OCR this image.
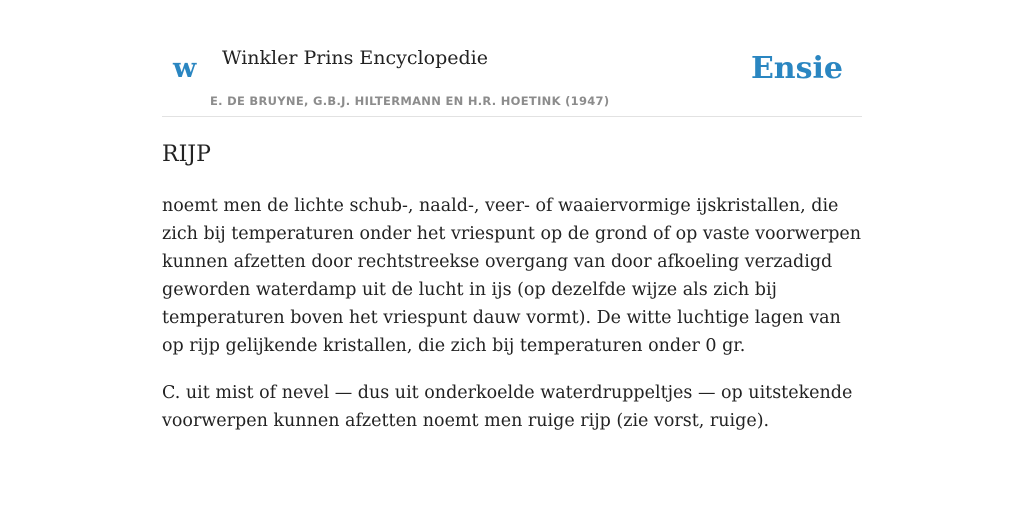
w Winkler Prins Encyclopedie
E. DE BRUYNE, G.B.J. HILTERMANN EN H.R. HOETINK (1947)
Ensie
RIJP

noemt men de lichte schub-, naald-, veer- of waaiervormige ijskristallen, die zich bij temperaturen onder het vriespunt op de grond of op vaste voorwerpen kunnen afzetten door rechtstreekse overgang van door afkoeling verzadigd geworden waterdamp uit de lucht in ijs (op dezelfde wijze als zich bij temperaturen boven het vriespunt dauw vormt). De witte luchtige lagen van op rijp gelijkende kristallen, die zich bij temperaturen onder 0 gr.

C. uit mist of nevel — dus uit onderkoelde waterdruppeltjes — op uitstekende voorwerpen kunnen afzetten noemt men ruige rijp (zie vorst, ruige).
